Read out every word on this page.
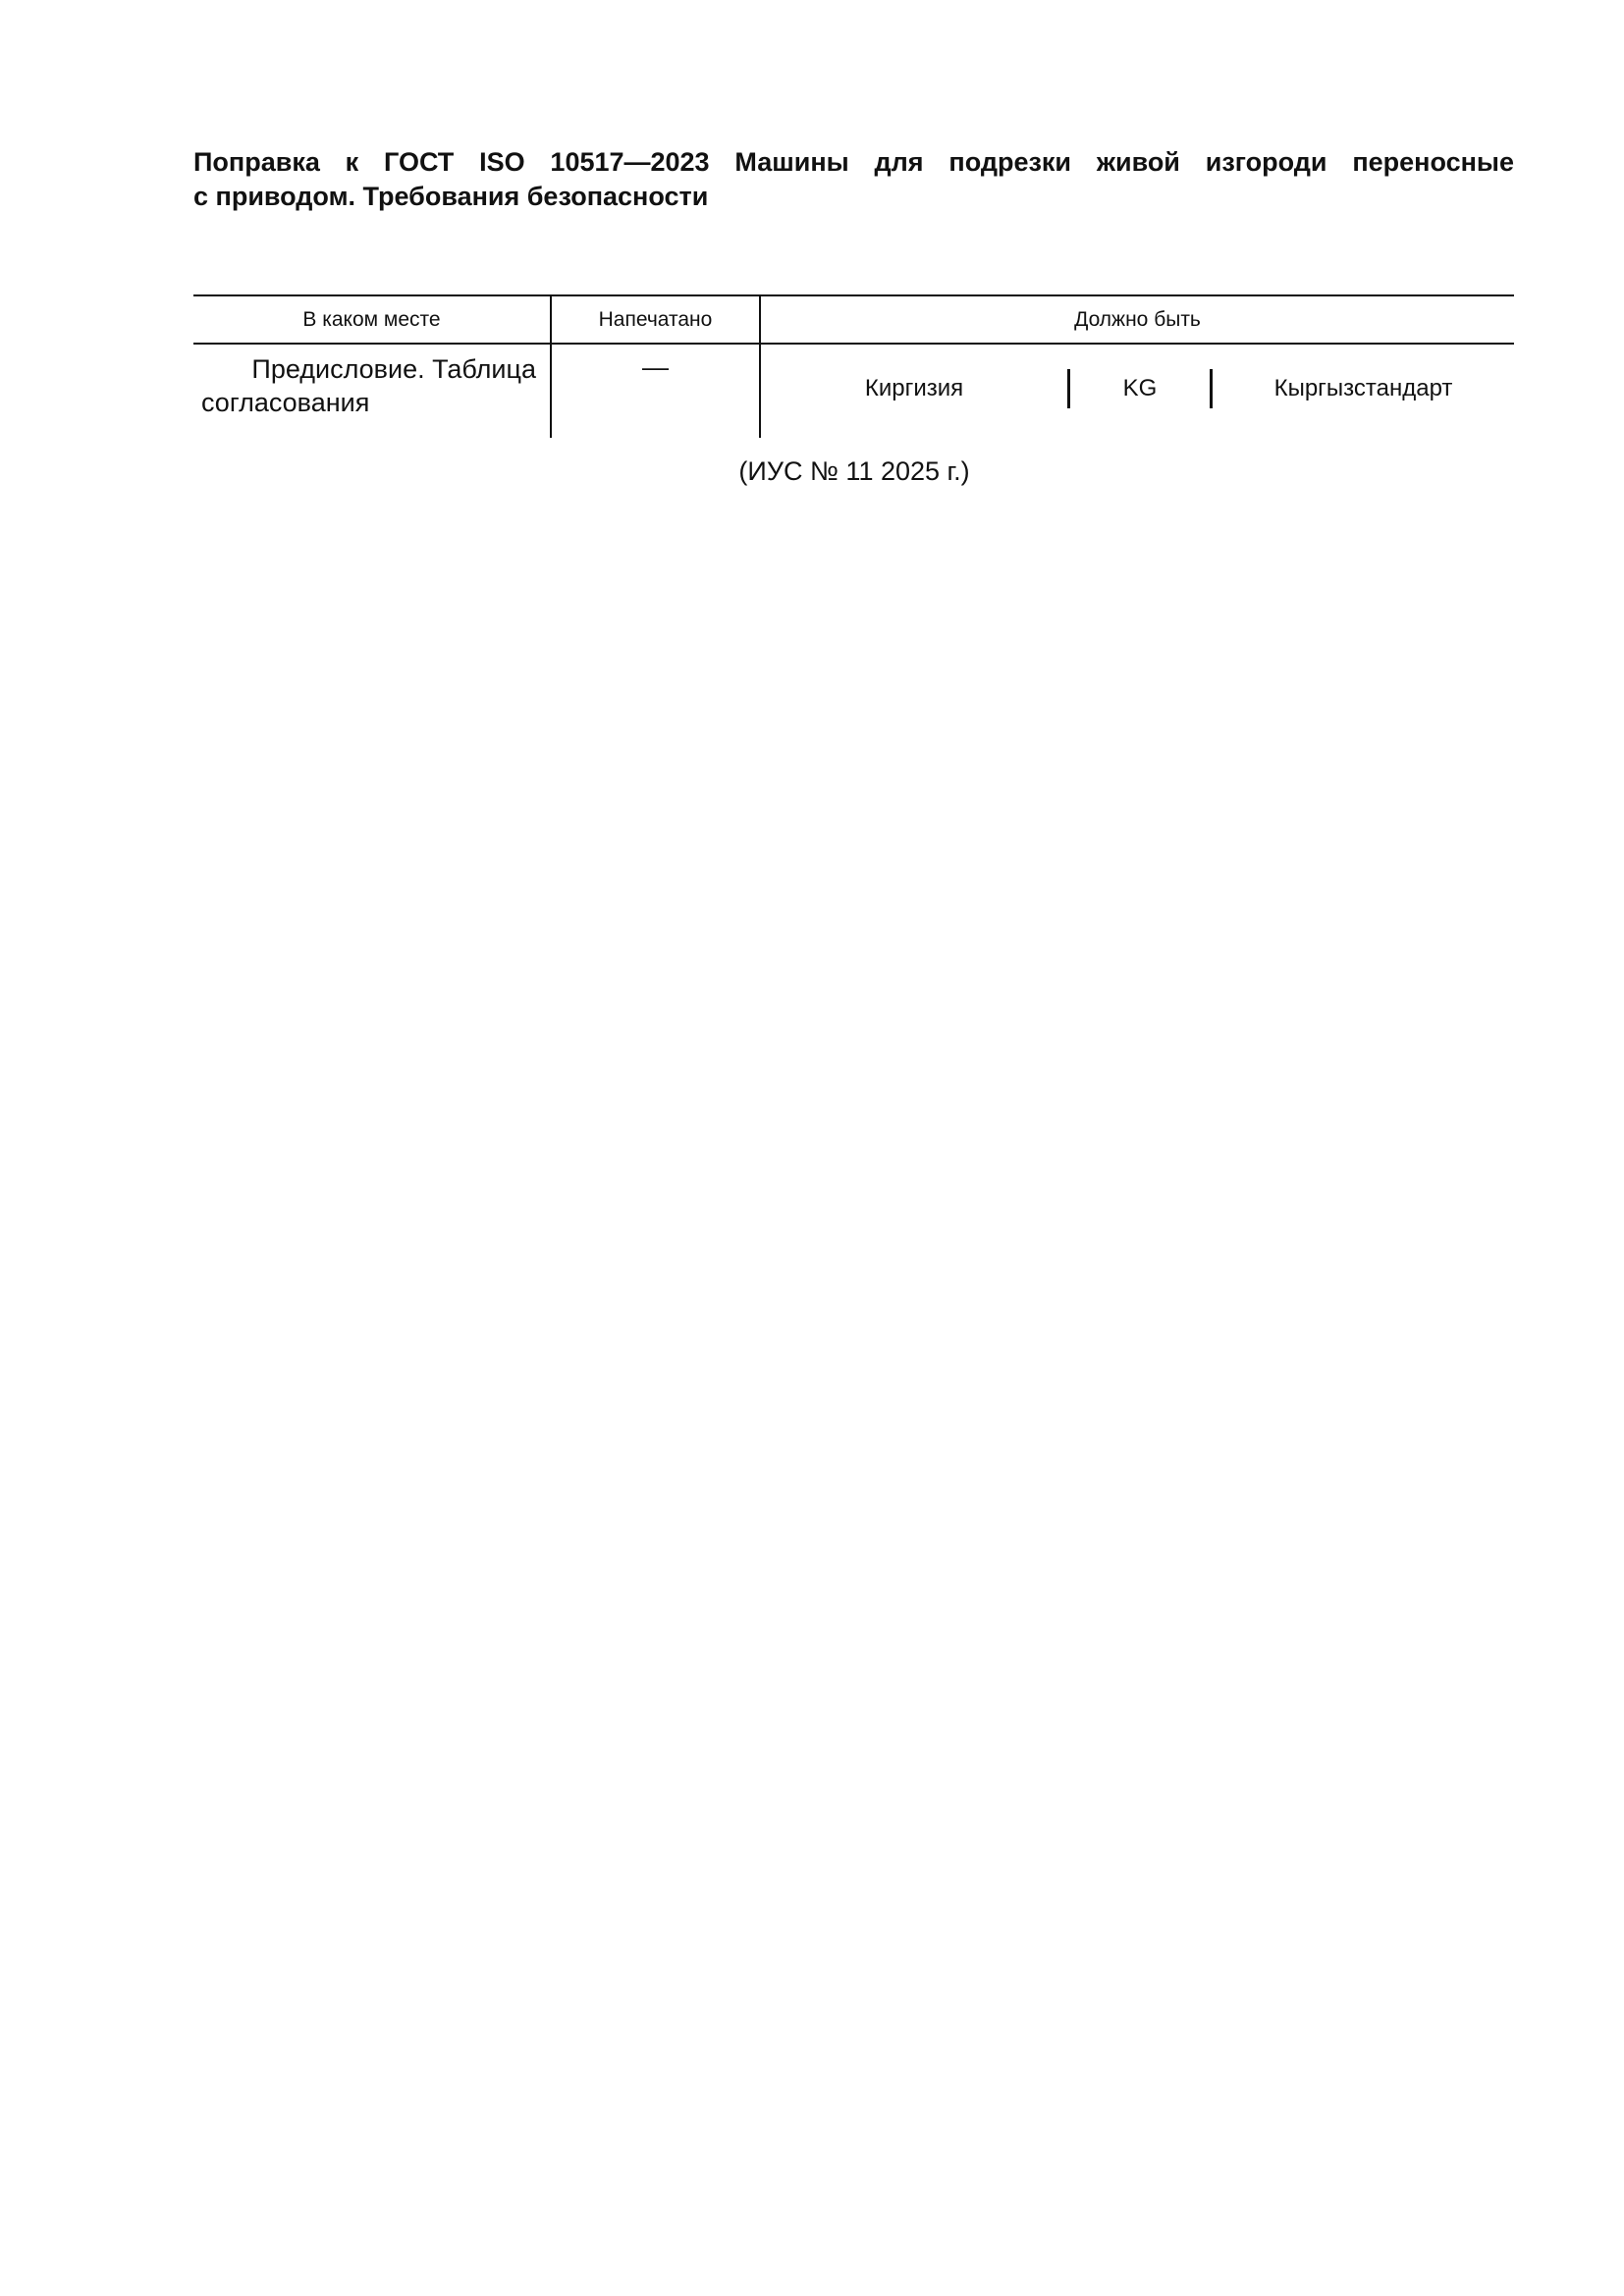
Поправка к ГОСТ ISO 10517—2023 Машины для подрезки живой изгороди переносные
с приводом. Требования безопасности
В каком месте	Напечатано	Должно быть

Предисловие. Таблица
согласования	—	Киргизия KG Кыргызстандарт

(ИУС № 11 2025 г.)
